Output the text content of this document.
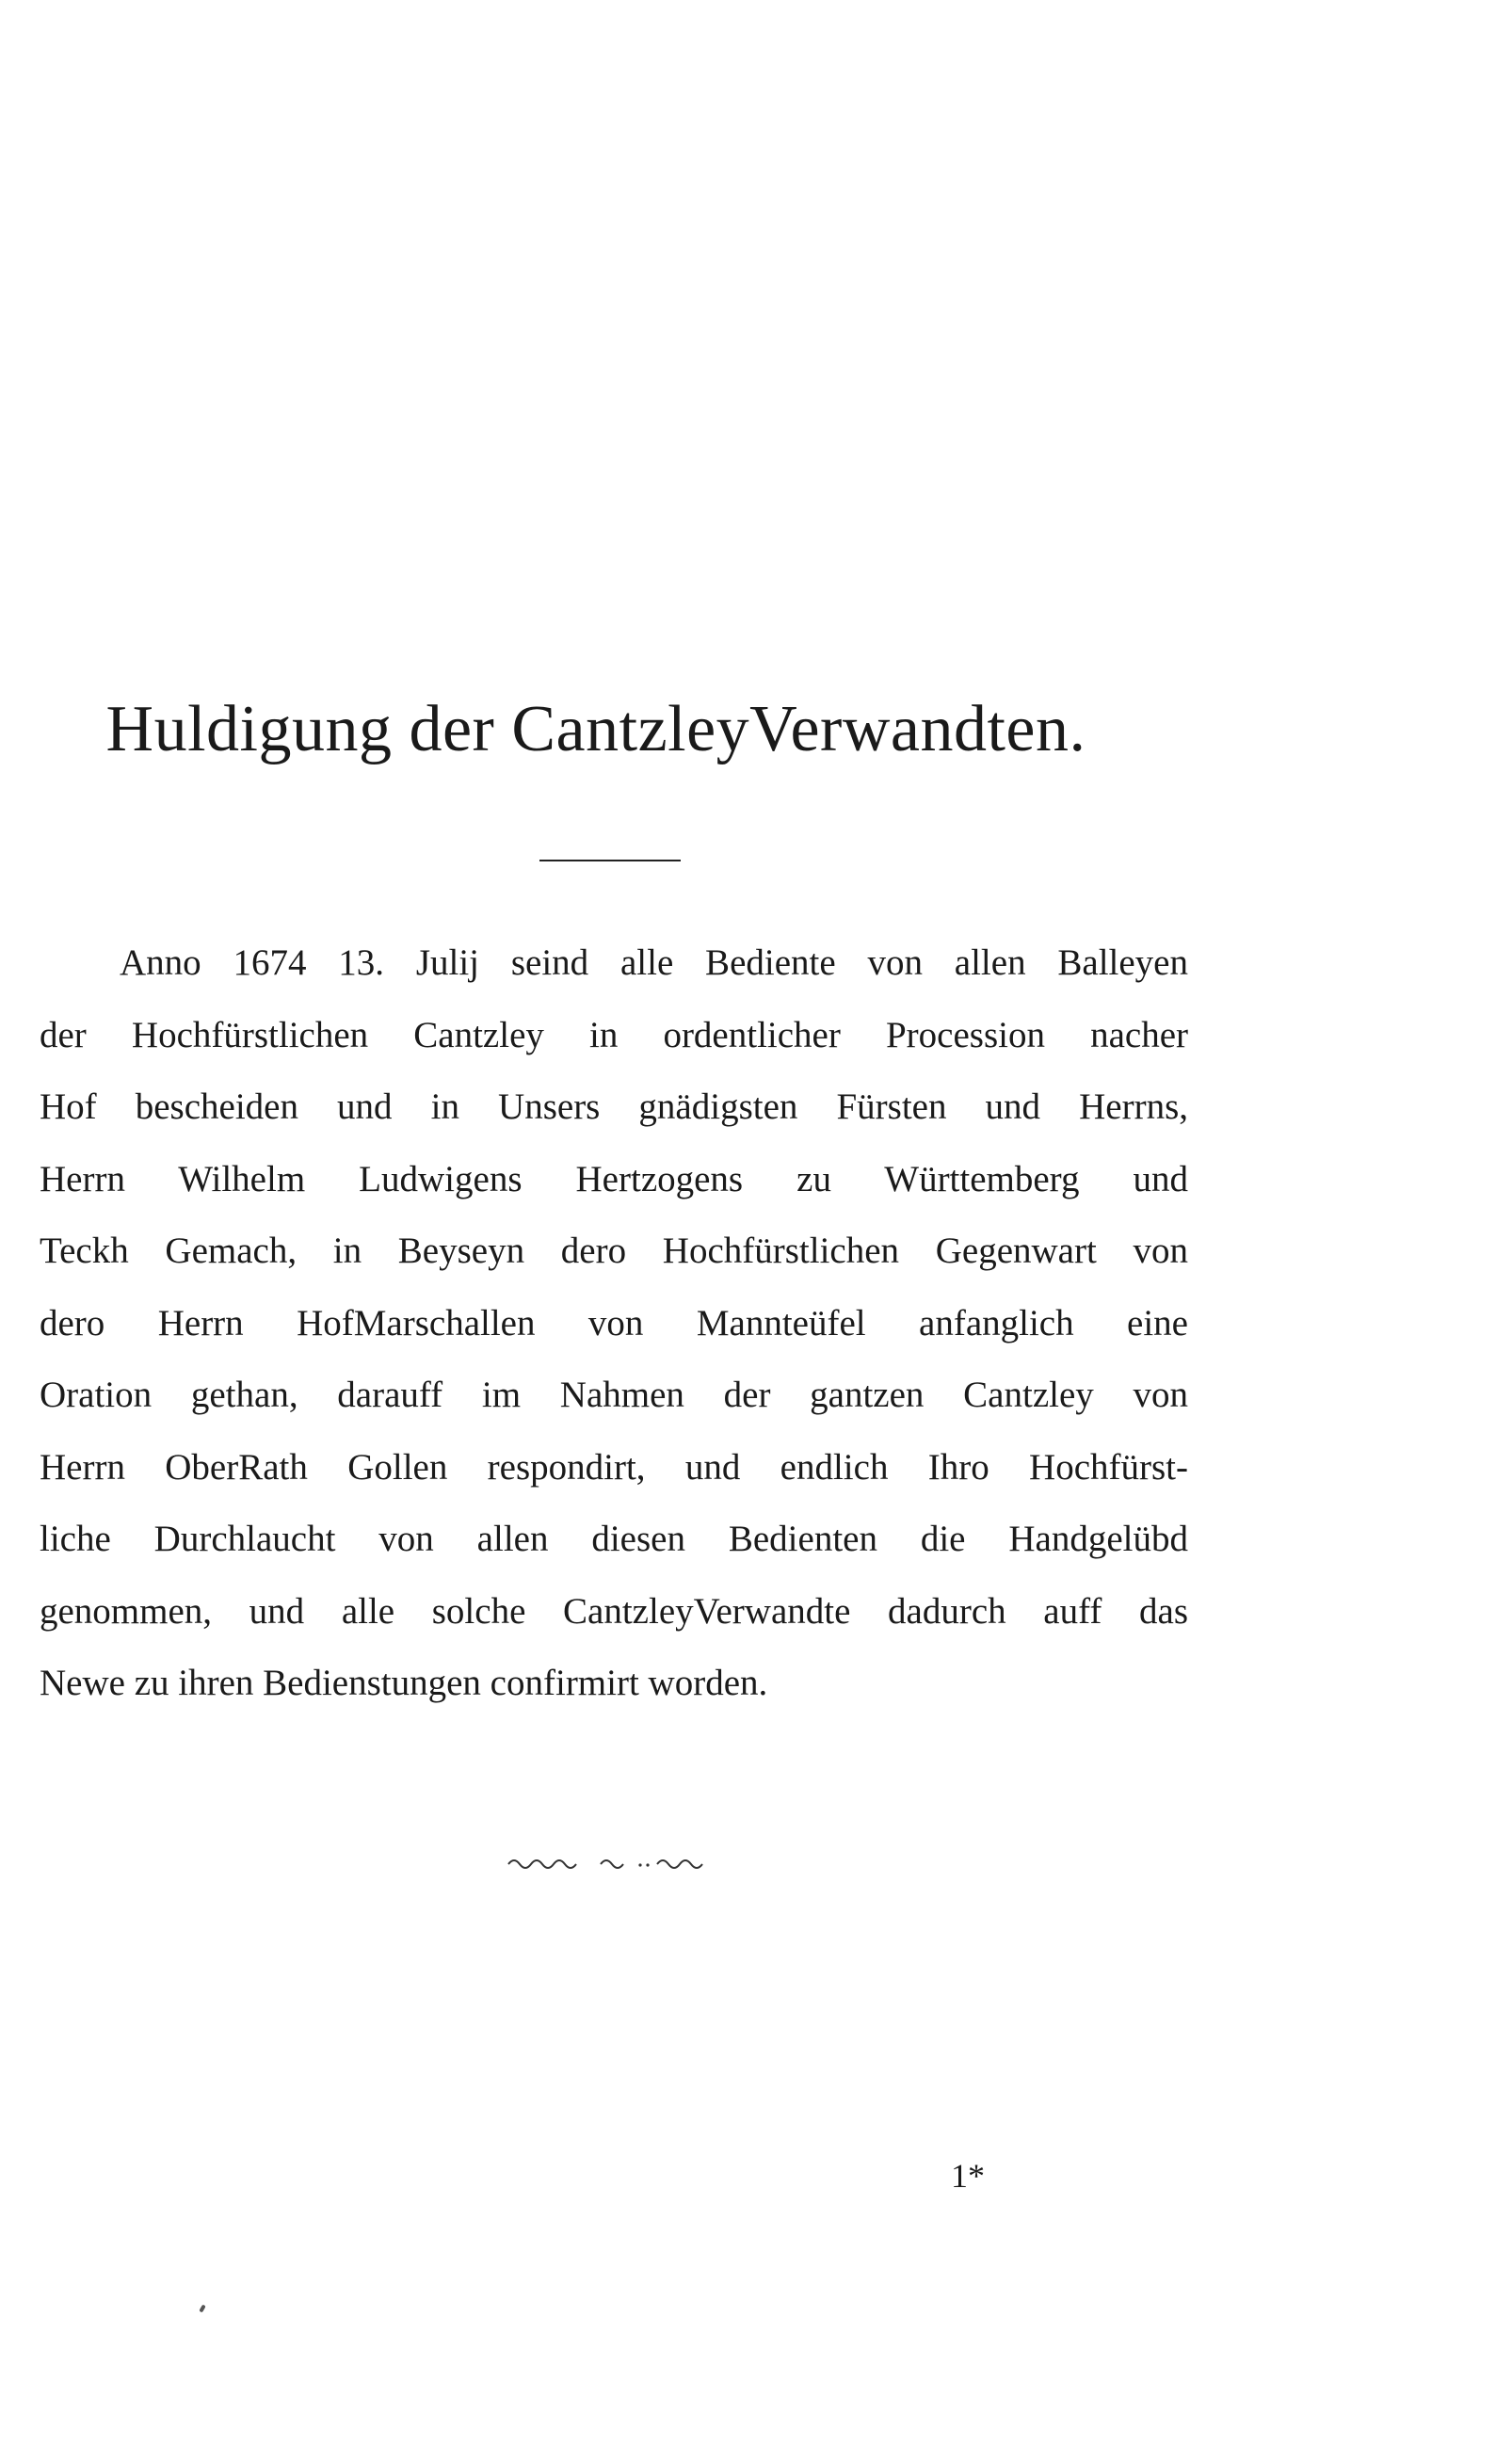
Huldigung der CantzleyVerwandten.
Anno 1674 13. Julij seind alle Bediente von allen Balleyen
der Hochfürstlichen Cantzley in ordentlicher Procession nacher
Hof bescheiden und in Unsers gnädigsten Fürsten und Herrns,
Herrn Wilhelm Ludwigens Hertzogens zu Württemberg und
Teckh Gemach, in Beyseyn dero Hochfürstlichen Gegenwart von
dero Herrn HofMarschallen von Mannteüfel anfanglich eine
Oration gethan, darauff im Nahmen der gantzen Cantzley von
Herrn OberRath Gollen respondirt, und endlich Ihro Hochfürst-
liche Durchlaucht von allen diesen Bedienten die Handgelübd
genommen, und alle solche CantzleyVerwandte dadurch auff das
Newe zu ihren Bedienstungen confirmirt worden.
1*
